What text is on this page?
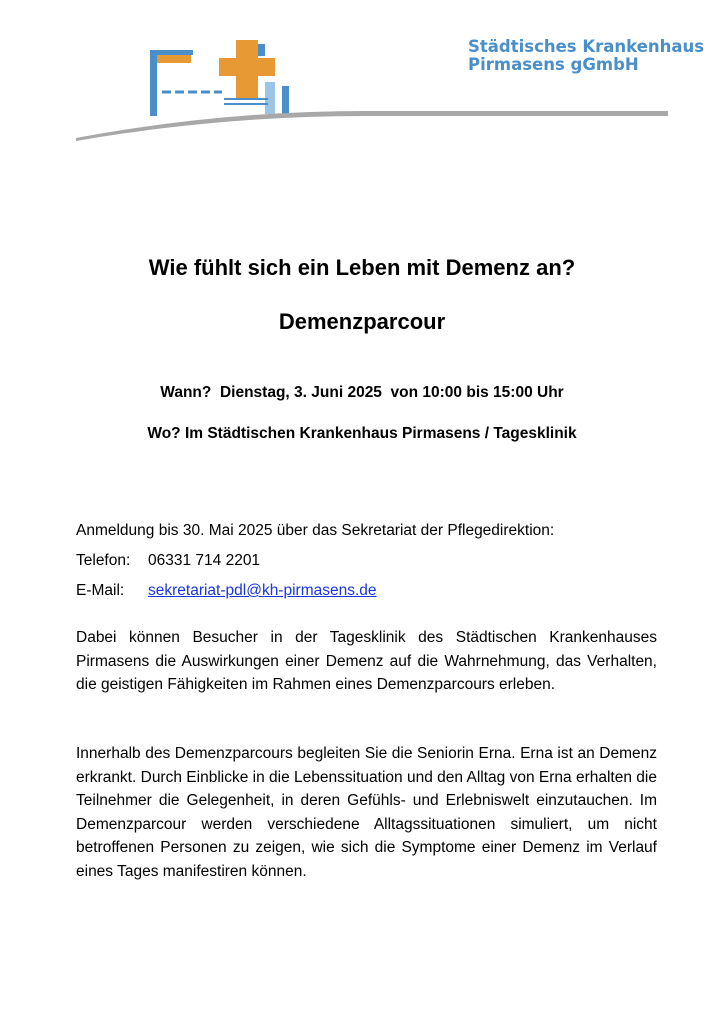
Städtisches Krankenhaus
Pirmasens gGmbH
Wie fühlt sich ein Leben mit Demenz an?
Demenzparcour
Wann?  Dienstag, 3. Juni 2025  von 10:00 bis 15:00 Uhr
Wo? Im Städtischen Krankenhaus Pirmasens / Tagesklinik
Anmeldung bis 30. Mai 2025 über das Sekretariat der Pflegedirektion:
Telefon: 06331 714 2201
E-Mail: sekretariat-pdl@kh-pirmasens.de

Dabei können Besucher in der Tagesklinik des Städtischen Krankenhauses Pirmasens die Auswirkungen einer Demenz auf die Wahrnehmung, das Verhalten, die geistigen Fähigkeiten im Rahmen eines Demenzparcours erleben.

Innerhalb des Demenzparcours begleiten Sie die Seniorin Erna. Erna ist an Demenz erkrankt. Durch Einblicke in die Lebenssituation und den Alltag von Erna erhalten die Teilnehmer die Gelegenheit, in deren Gefühls- und Erlebniswelt einzutauchen. Im Demenzparcour werden verschiedene Alltagssituationen simuliert, um nicht betroffenen Personen zu zeigen, wie sich die Symptome einer Demenz im Verlauf eines Tages manifestiren können.
